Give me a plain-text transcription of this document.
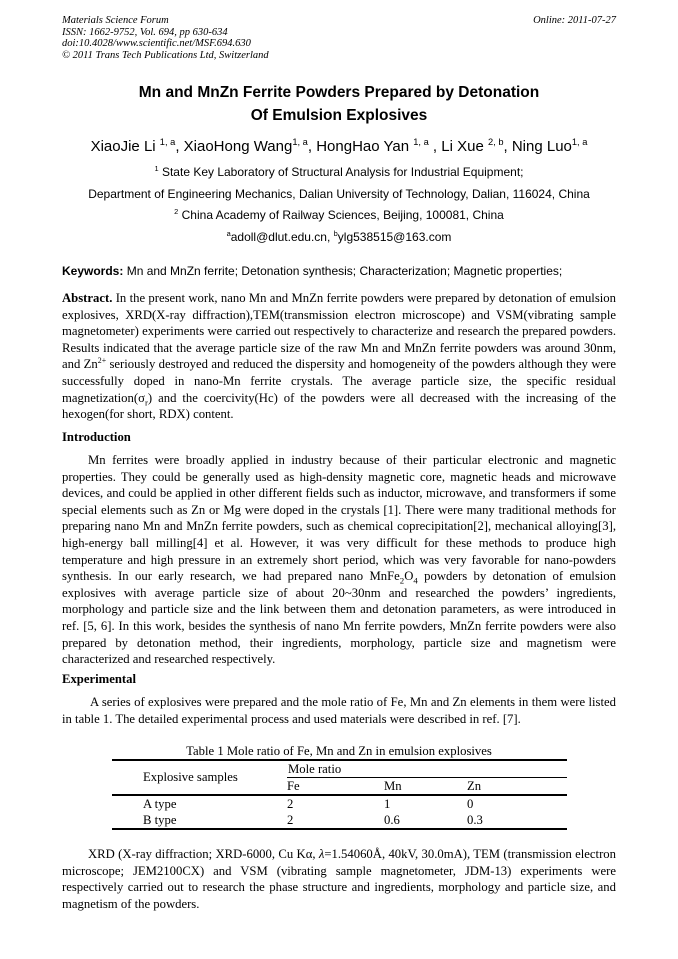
Materials Science Forum
ISSN: 1662-9752, Vol. 694, pp 630-634
doi:10.4028/www.scientific.net/MSF.694.630
© 2011 Trans Tech Publications Ltd, Switzerland
Online: 2011-07-27
Mn and MnZn Ferrite Powders Prepared by Detonation
Of Emulsion Explosives
XiaoJie Li $^{1, a}$, XiaoHong Wang$^{1, a}$, HongHao Yan $^{1, a}$ , Li Xue $^{2, b}$, Ning Luo$^{1, a}$
$^1$ State Key Laboratory of Structural Analysis for Industrial Equipment;
Department of Engineering Mechanics, Dalian University of Technology, Dalian, 116024, China
$^2$ China Academy of Railway Sciences, Beijing, 100081, China
$^a$adoll@dlut.edu.cn, $^b$ylg538515@163.com
Keywords: Mn and MnZn ferrite; Detonation synthesis; Characterization; Magnetic properties;
Abstract. In the present work, nano Mn and MnZn ferrite powders were prepared by detonation of emulsion explosives, XRD(X-ray diffraction),TEM(transmission electron microscope) and VSM(vibrating sample magnetometer) experiments were carried out respectively to characterize and research the prepared powders. Results indicated that the average particle size of the raw Mn and MnZn ferrite powders was around 30nm, and $Zn^{2+}$ seriously destroyed and reduced the dispersity and homogeneity of the powders although they were successfully doped in nano-Mn ferrite crystals. The average particle size, the specific residual $magnetization(\sigma_r)$ and the coercivity(Hc) of the powders were all decreased with the increasing of the hexogen(for short, RDX) content.
Introduction
Mn ferrites were broadly applied in industry because of their particular electronic and magnetic properties. They could be generally used as high-density magnetic core, magnetic heads and microwave devices, and could be applied in other different fields such as inductor, microwave, and transformers if some special elements such as Zn or Mg were doped in the crystals [1]. There were many traditional methods for preparing nano Mn and MnZn ferrite powders, such as chemical coprecipitation[2], mechanical alloying[3], high-energy ball milling[4] et al. However, it was very difficult for these methods to produce high temperature and high pressure in an extremely short period, which was very favorable for nano-powders synthesis. In our early research, we had prepared nano $MnFe_2O_4$ powders by detonation of emulsion explosives with average particle size of about 20~30nm and researched the powders’ ingredients, morphology and particle size and the link between them and detonation parameters, as were introduced in ref. [5, 6]. In this work, besides the synthesis of nano Mn ferrite powders, MnZn ferrite powders were also prepared by detonation method, their ingredients, morphology, particle size and magnetism were characterized and researched respectively.
Experimental
A series of explosives were prepared and the mole ratio of Fe, Mn and Zn elements in them were listed in table 1. The detailed experimental process and used materials were described in ref. [7].
Table 1 Mole ratio of Fe, Mn and Zn in emulsion explosives
Explosive samples	Mole ratio		
	Fe	Mn	Zn
A type	2	1	0
B type	2	0.6	0.3
XRD (X-ray diffraction; XRD-6000, Cu Kα, λ=1.54060Å, 40kV, 30.0mA), TEM (transmission electron microscope; JEM2100CX) and VSM (vibrating sample magnetometer, JDM-13) experiments were respectively carried out to research the phase structure and ingredients, morphology and particle size, and magnetism of the powders.
